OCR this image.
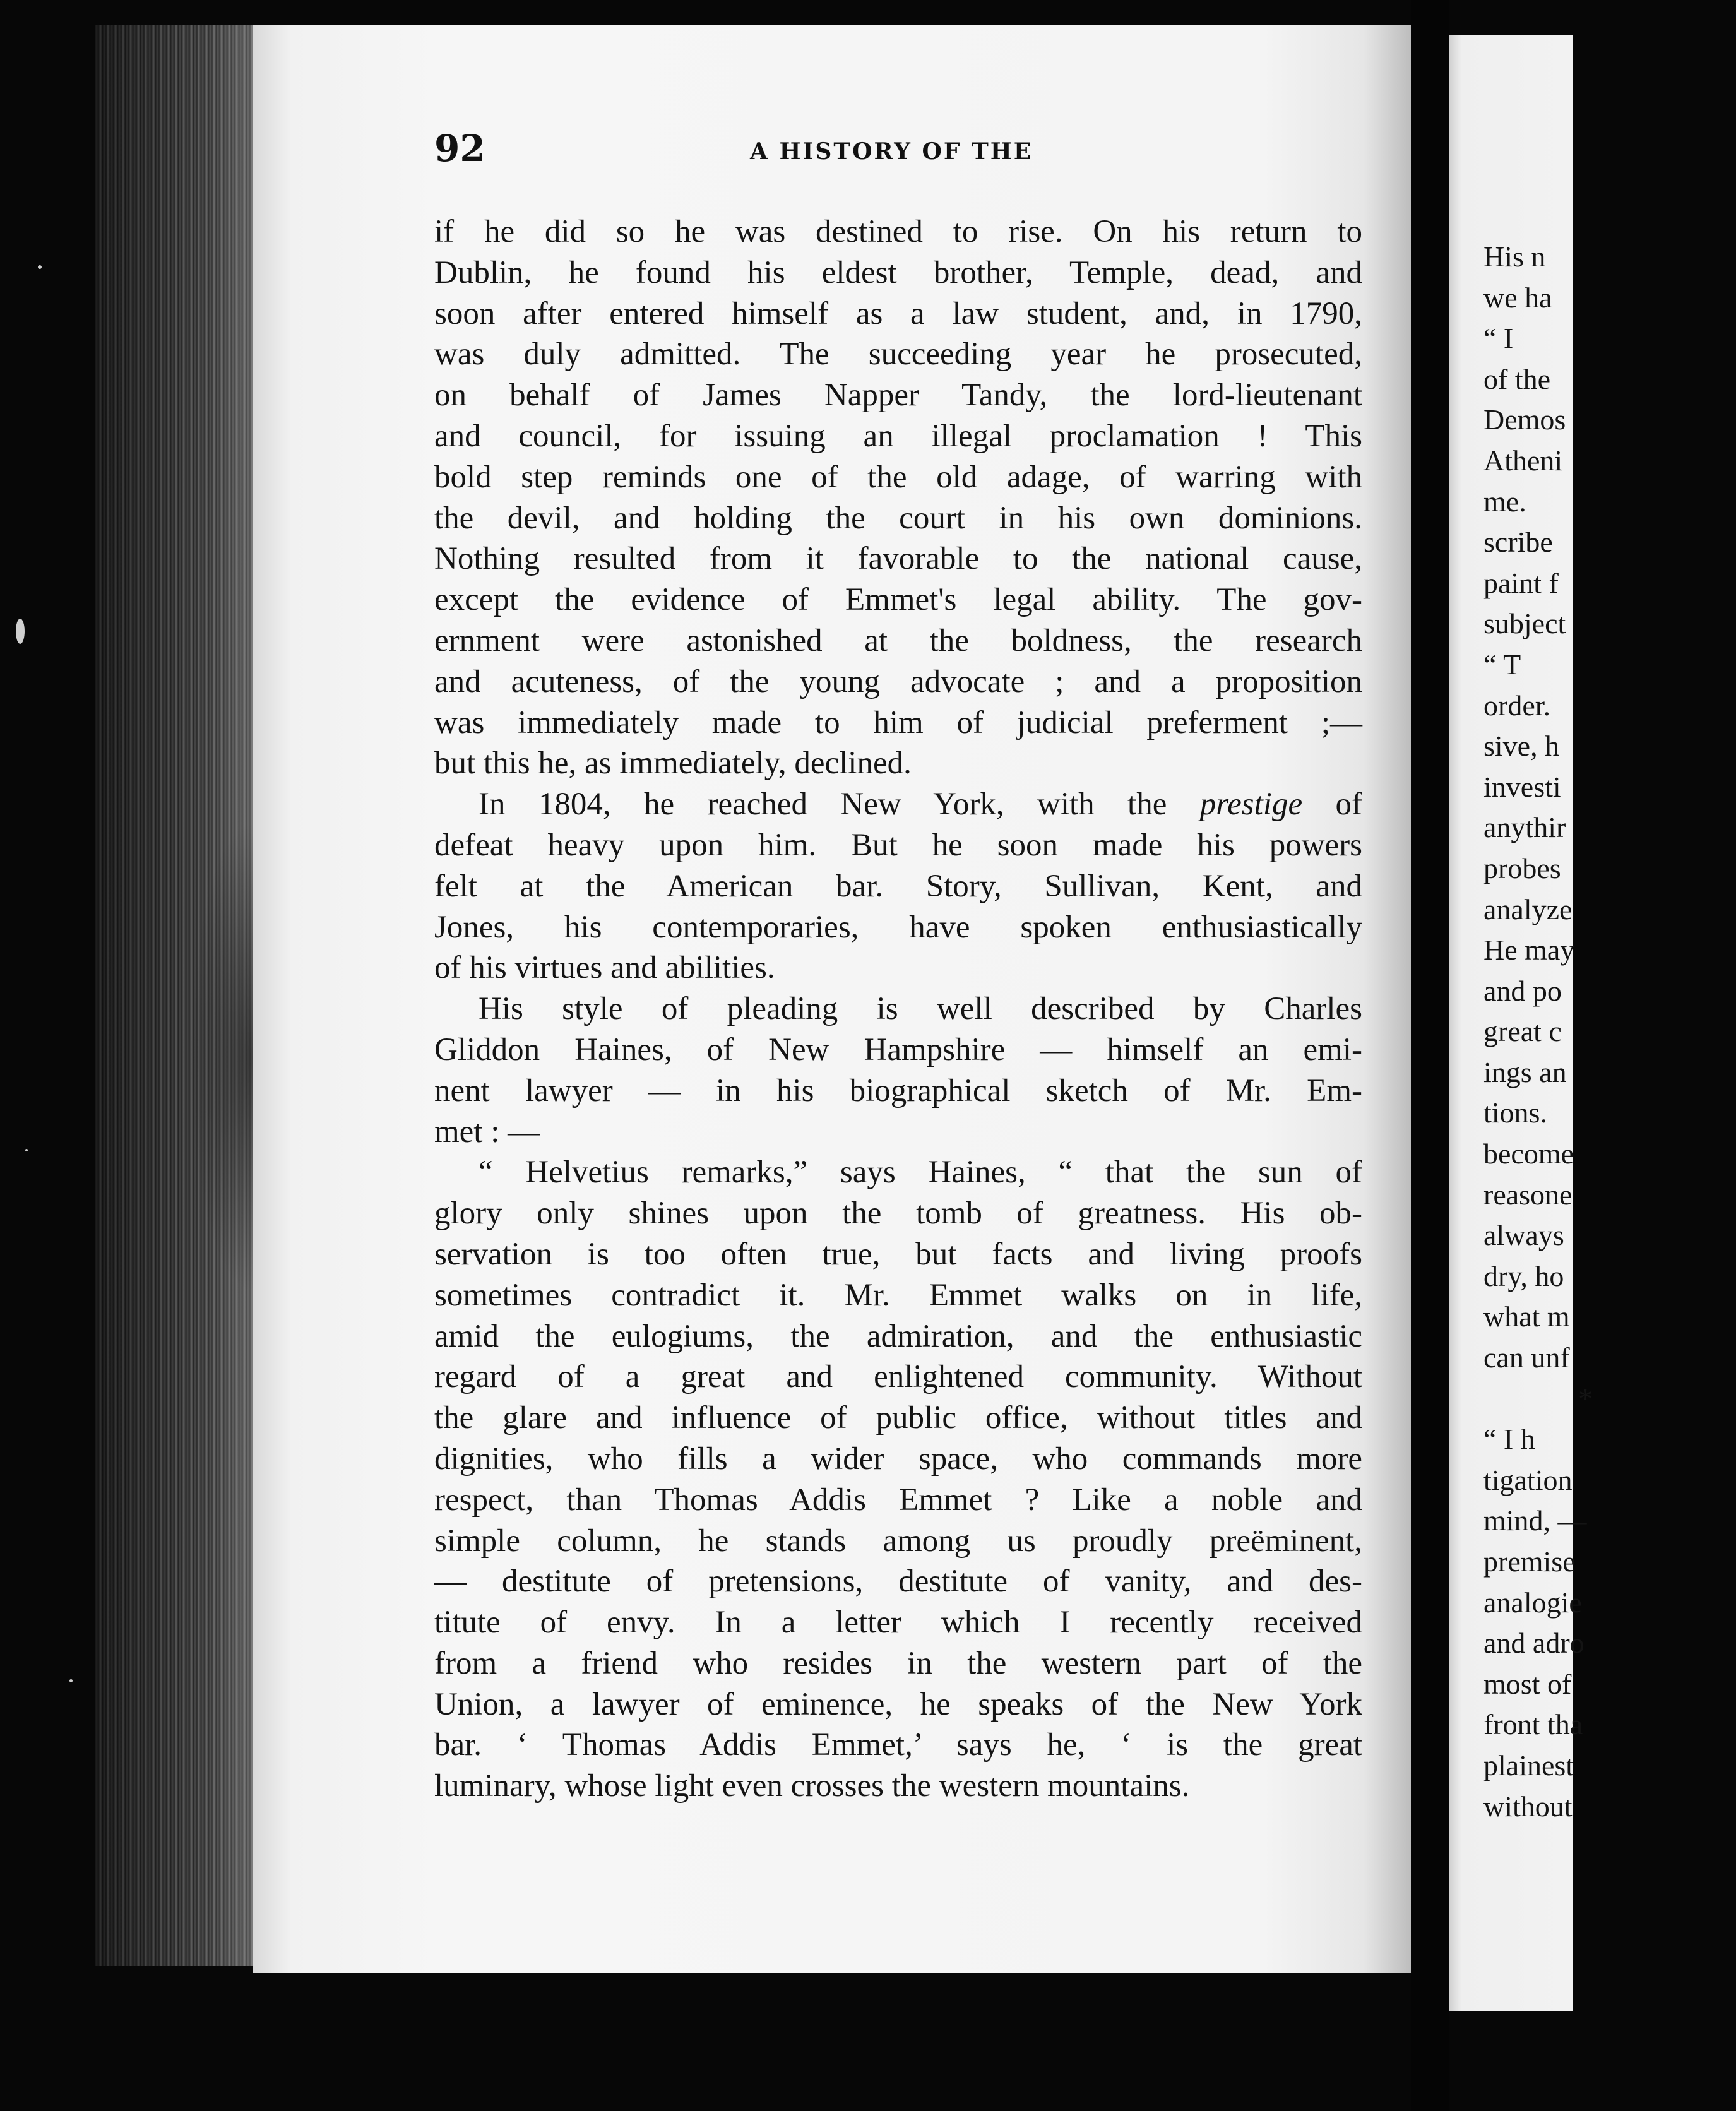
His n
we ha
“ I
of the
Demos
Atheni
me.
scribe
paint f
subject
“ T
order.
sive, h
investi
anythir
probes
analyze
He may
and po
great c
ings an
tions.
become
reasone
always
dry, ho
what m
can unf
*
“ I h
tigation
mind, —
premise
analogie
and adro
most of
front tha
plainest
without
92	A HISTORY OF THE
if he did so he was destined to rise. On his return to
Dublin, he found his eldest brother, Temple, dead, and
soon after entered himself as a law student, and, in 1790,
was duly admitted. The succeeding year he prosecuted,
on behalf of James Napper Tandy, the lord-lieutenant
and council, for issuing an illegal proclamation ! This
bold step reminds one of the old adage, of warring with
the devil, and holding the court in his own dominions.
Nothing resulted from it favorable to the national cause,
except the evidence of Emmet's legal ability. The gov-
ernment were astonished at the boldness, the research
and acuteness, of the young advocate ; and a proposition
was immediately made to him of judicial preferment ;—
but this he, as immediately, declined.
In 1804, he reached New York, with the prestige of
defeat heavy upon him. But he soon made his powers
felt at the American bar. Story, Sullivan, Kent, and
Jones, his contemporaries, have spoken enthusiastically
of his virtues and abilities.
His style of pleading is well described by Charles
Gliddon Haines, of New Hampshire — himself an emi-
nent lawyer — in his biographical sketch of Mr. Em-
met : —
“ Helvetius remarks,” says Haines, “ that the sun of
glory only shines upon the tomb of greatness. His ob-
servation is too often true, but facts and living proofs
sometimes contradict it. Mr. Emmet walks on in life,
amid the eulogiums, the admiration, and the enthusiastic
regard of a great and enlightened community. Without
the glare and influence of public office, without titles and
dignities, who fills a wider space, who commands more
respect, than Thomas Addis Emmet ? Like a noble and
simple column, he stands among us proudly preëminent,
— destitute of pretensions, destitute of vanity, and des-
titute of envy. In a letter which I recently received
from a friend who resides in the western part of the
Union, a lawyer of eminence, he speaks of the New York
bar. ‘ Thomas Addis Emmet,’ says he, ‘ is the great
luminary, whose light even crosses the western mountains.
